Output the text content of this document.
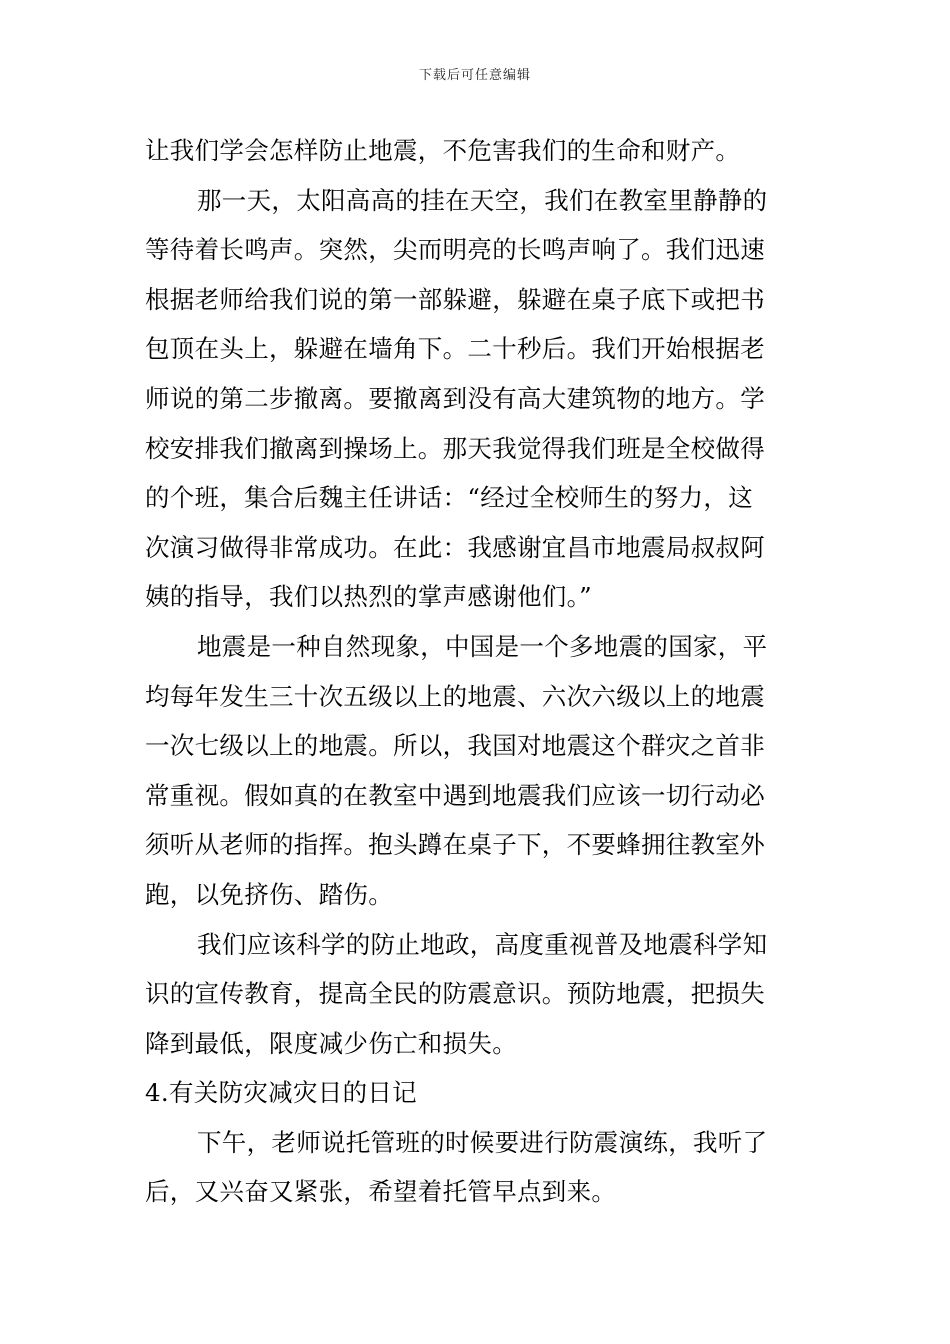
下载后可任意编辑
让我们学会怎样防止地震，不危害我们的生命和财产。
那一天，太阳高高的挂在天空，我们在教室里静静的
等待着长鸣声。突然，尖而明亮的长鸣声响了。我们迅速
根据老师给我们说的第一部躲避，躲避在桌子底下或把书
包顶在头上，躲避在墙角下。二十秒后。我们开始根据老
师说的第二步撤离。要撤离到没有高大建筑物的地方。学
校安排我们撤离到操场上。那天我觉得我们班是全校做得
的个班，集合后魏主任讲话：“经过全校师生的努力，这
次演习做得非常成功。在此：我感谢宜昌市地震局叔叔阿
姨的指导，我们以热烈的掌声感谢他们。”
地震是一种自然现象，中国是一个多地震的国家，平
均每年发生三十次五级以上的地震、六次六级以上的地震
一次七级以上的地震。所以，我国对地震这个群灾之首非
常重视。假如真的在教室中遇到地震我们应该一切行动必
须听从老师的指挥。抱头蹲在桌子下，不要蜂拥往教室外
跑，以免挤伤、踏伤。
我们应该科学的防止地政，高度重视普及地震科学知
识的宣传教育，提高全民的防震意识。预防地震，把损失
降到最低，限度减少伤亡和损失。
4.有关防灾减灾日的日记
下午，老师说托管班的时候要进行防震演练，我听了
后，又兴奋又紧张，希望着托管早点到来。
